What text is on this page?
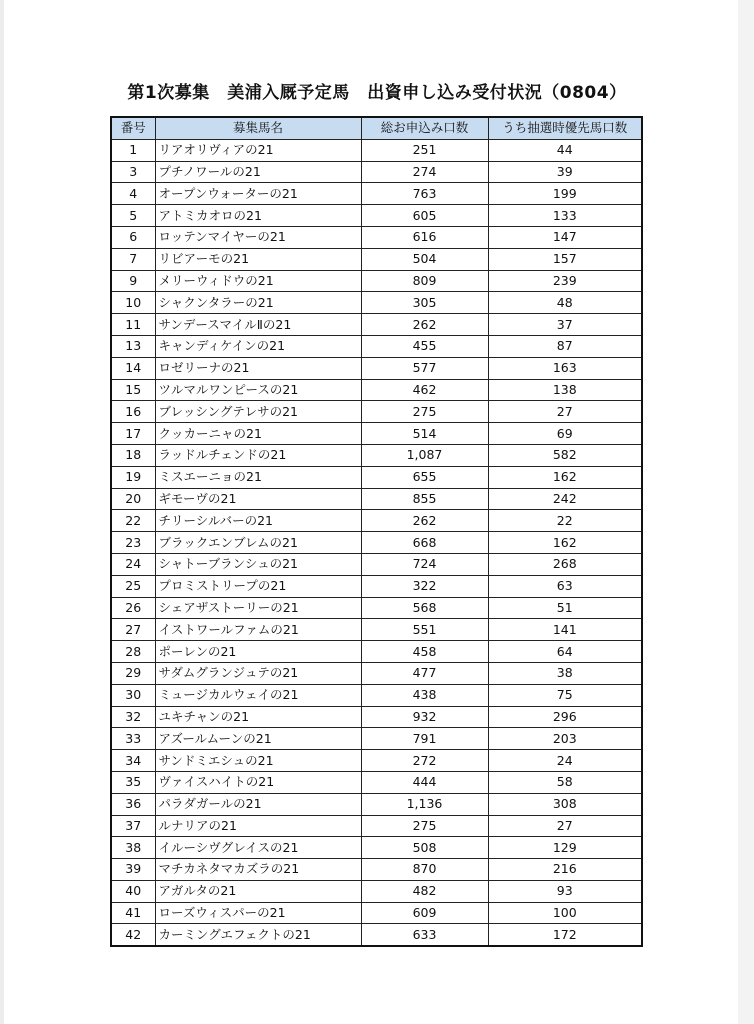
第1次募集　美浦入厩予定馬　出資申し込み受付状況（0804）
番号	募集馬名	総お申込み口数	うち抽選時優先馬口数
1	リアオリヴィアの21	251	44
3	プチノワールの21	274	39
4	オープンウォーターの21	763	199
5	アトミカオロの21	605	133
6	ロッテンマイヤーの21	616	147
7	リビアーモの21	504	157
9	メリーウィドウの21	809	239
10	シャクンタラーの21	305	48
11	サンデースマイルⅡの21	262	37
13	キャンディケインの21	455	87
14	ロゼリーナの21	577	163
15	ツルマルワンピースの21	462	138
16	ブレッシングテレサの21	275	27
17	クッカーニャの21	514	69
18	ラッドルチェンドの21	1,087	582
19	ミスエーニョの21	655	162
20	ギモーヴの21	855	242
22	チリーシルバーの21	262	22
23	ブラックエンブレムの21	668	162
24	シャトーブランシュの21	724	268
25	プロミストリープの21	322	63
26	シェアザストーリーの21	568	51
27	イストワールファムの21	551	141
28	ポーレンの21	458	64
29	サダムグランジュテの21	477	38
30	ミュージカルウェイの21	438	75
32	ユキチャンの21	932	296
33	アズールムーンの21	791	203
34	サンドミエシュの21	272	24
35	ヴァイスハイトの21	444	58
36	パラダガールの21	1,136	308
37	ルナリアの21	275	27
38	イルーシヴグレイスの21	508	129
39	マチカネタマカズラの21	870	216
40	アガルタの21	482	93
41	ローズウィスパーの21	609	100
42	カーミングエフェクトの21	633	172
